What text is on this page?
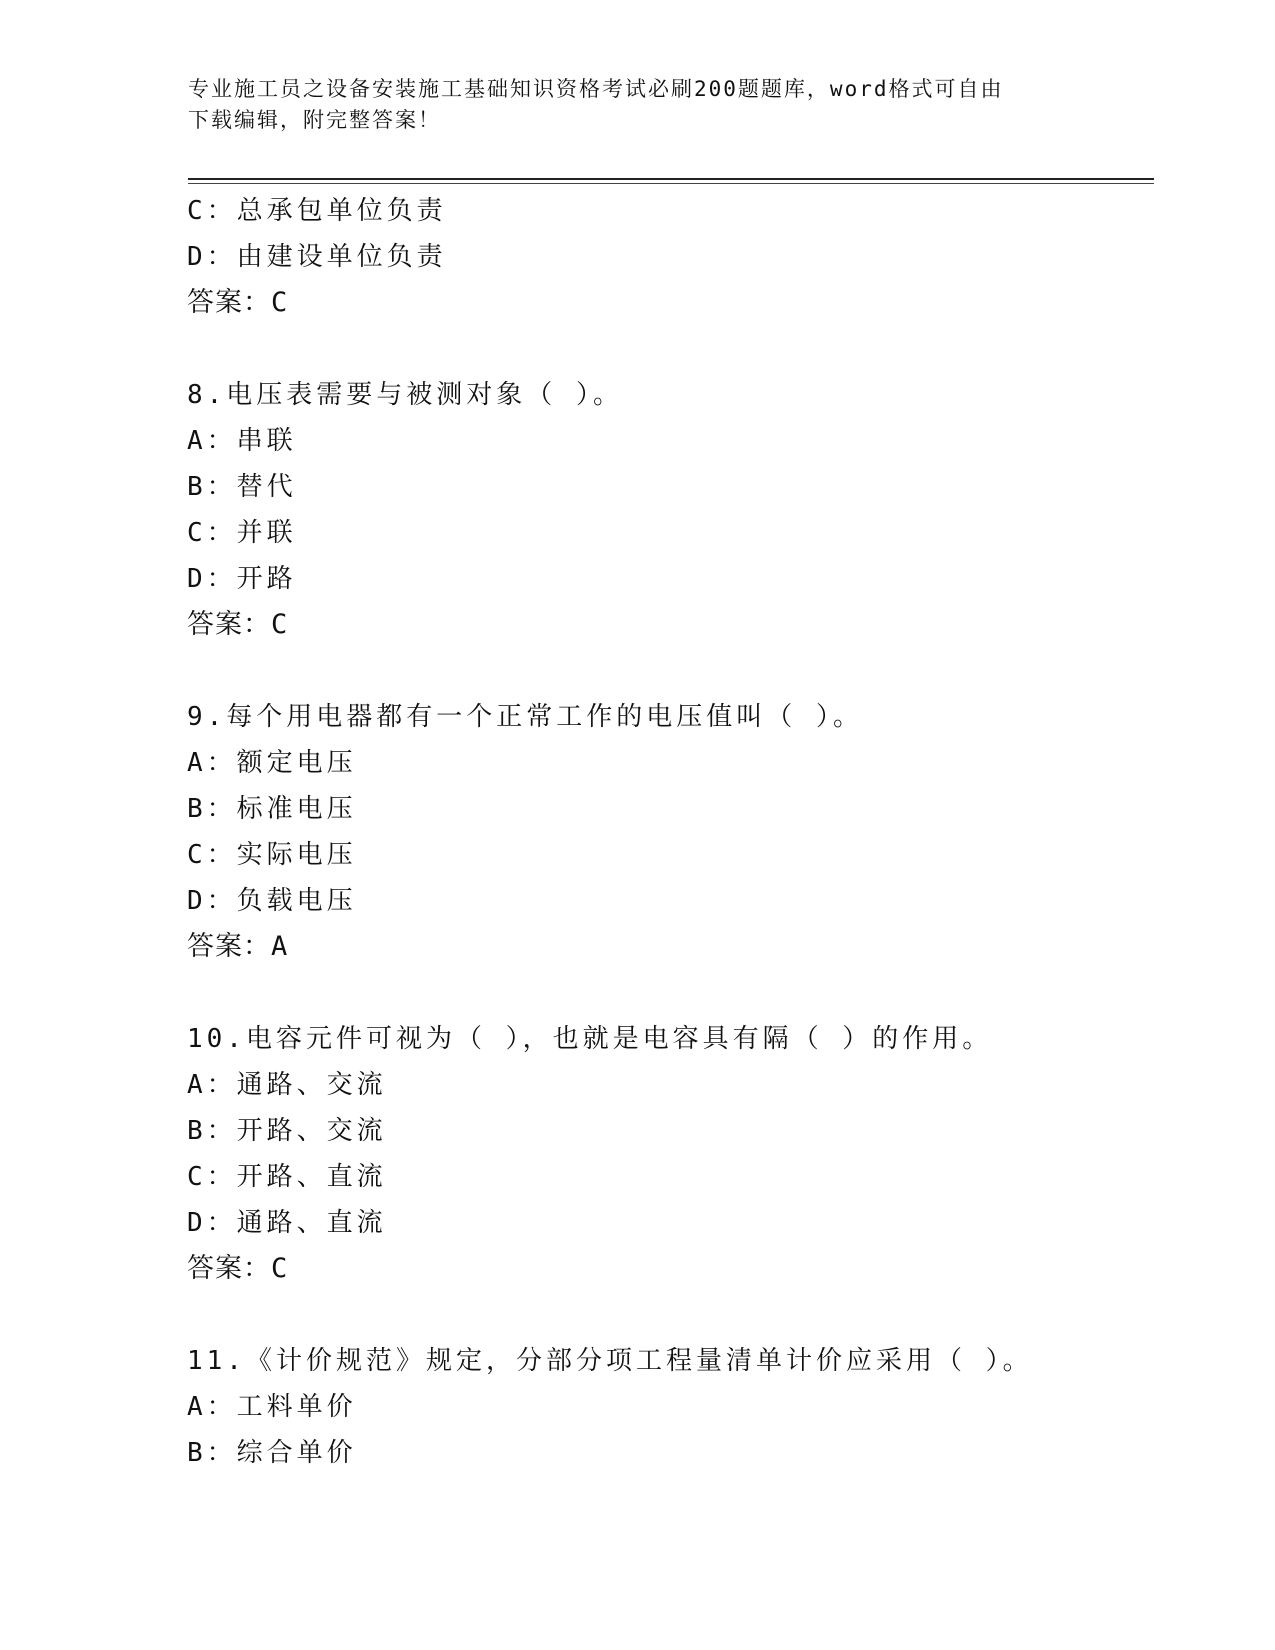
专业施工员之设备安装施工基础知识资格考试必刷200题题库，word格式可自由
下载编辑，附完整答案！
C：总承包单位负责
D：由建设单位负责
答案：C
8.电压表需要与被测对象（ ）。
A：串联
B：替代
C：并联
D：开路
答案：C
9.每个用电器都有一个正常工作的电压值叫（ ）。
A：额定电压
B：标准电压
C：实际电压
D：负载电压
答案：A
10.电容元件可视为（ ），也就是电容具有隔（ ）的作用。
A：通路、交流
B：开路、交流
C：开路、直流
D：通路、直流
答案：C
11.《计价规范》规定，分部分项工程量清单计价应采用（ ）。
A：工料单价
B：综合单价
